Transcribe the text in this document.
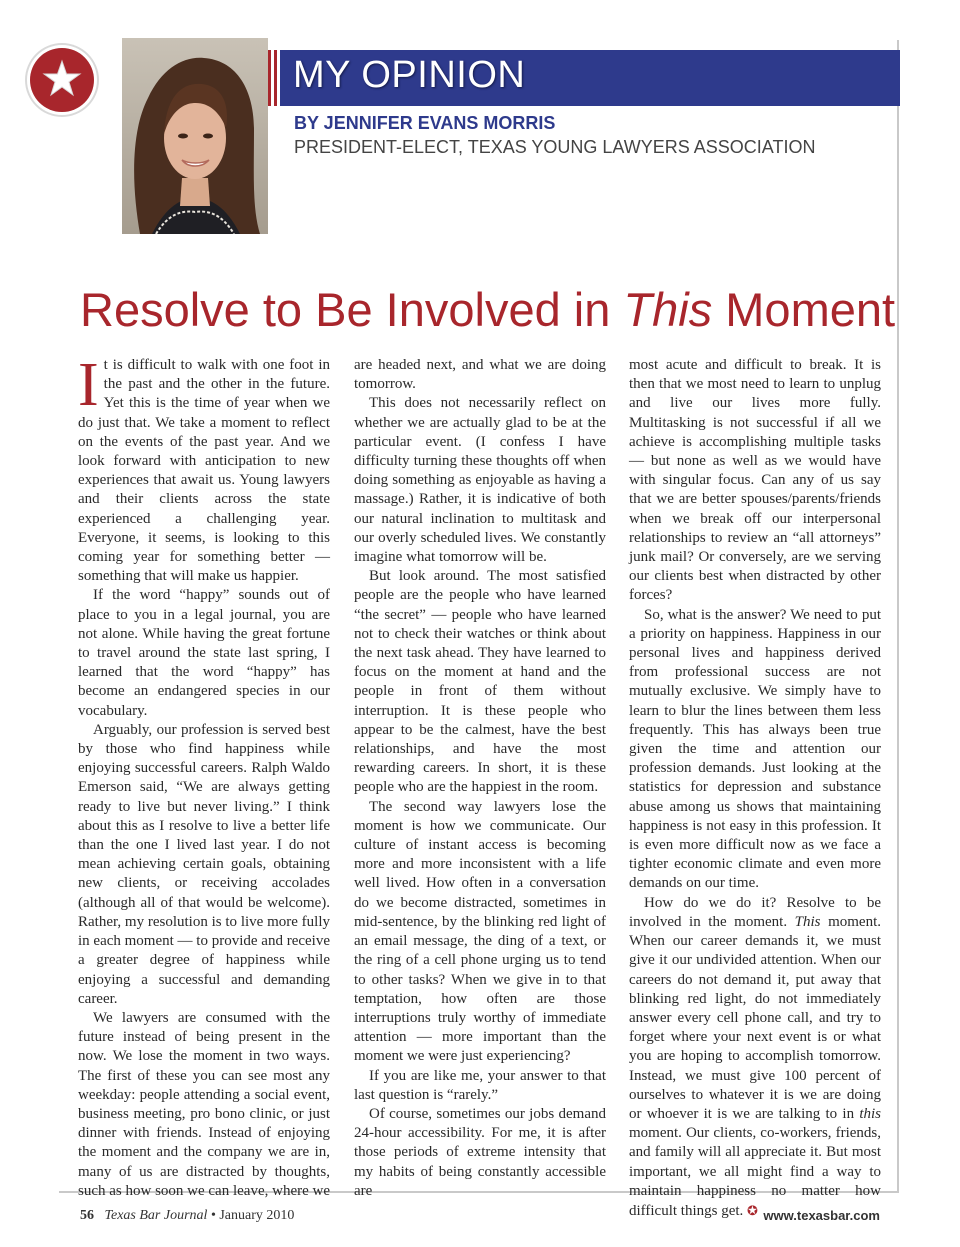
MY OPINION

BY JENNIFER EVANS MORRIS

PRESIDENT-ELECT, TEXAS YOUNG LAWYERS ASSOCIATION

Resolve to Be Involved in This Moment

It is difficult to walk with one foot in the past and the other in the future. Yet this is the time of year when we do just that. We take a moment to reflect on the events of the past year. And we look forward with anticipation to new experiences that await us. Young lawyers and their clients across the state experienced a challenging year. Everyone, it seems, is looking to this coming year for something better — something that will make us happier.

If the word “happy” sounds out of place to you in a legal journal, you are not alone. While having the great fortune to travel around the state last spring, I learned that the word “happy” has become an endangered species in our vocabulary.

Arguably, our profession is served best by those who find happiness while enjoying successful careers. Ralph Waldo Emerson said, “We are always getting ready to live but never living.” I think about this as I resolve to live a better life than the one I lived last year. I do not mean achieving certain goals, obtaining new clients, or receiving accolades (although all of that would be welcome). Rather, my resolution is to live more fully in each moment — to provide and receive a greater degree of happiness while enjoying a successful and demanding career.

We lawyers are consumed with the future instead of being present in the now. We lose the moment in two ways. The first of these you can see most any weekday: people attending a social event, business meeting, pro bono clinic, or just dinner with friends. Instead of enjoying the moment and the company we are in, many of us are distracted by thoughts, such as how soon we can leave, where we

are headed next, and what we are doing tomorrow.

This does not necessarily reflect on whether we are actually glad to be at the particular event. (I confess I have difficulty turning these thoughts off when doing something as enjoyable as having a massage.) Rather, it is indicative of both our natural inclination to multitask and our overly scheduled lives. We constantly imagine what tomorrow will be.

But look around. The most satisfied people are the people who have learned “the secret” — people who have learned not to check their watches or think about the next task ahead. They have learned to focus on the moment at hand and the people in front of them without interruption. It is these people who appear to be the calmest, have the best relationships, and have the most rewarding careers. In short, it is these people who are the happiest in the room.

The second way lawyers lose the moment is how we communicate. Our culture of instant access is becoming more and more inconsistent with a life well lived. How often in a conversation do we become distracted, sometimes in mid-sentence, by the blinking red light of an email message, the ding of a text, or the ring of a cell phone urging us to tend to other tasks? When we give in to that temptation, how often are those interruptions truly worthy of immediate attention — more important than the moment we were just experiencing?

If you are like me, your answer to that last question is “rarely.”

Of course, sometimes our jobs demand 24-hour accessibility. For me, it is after those periods of extreme intensity that my habits of being constantly accessible are

most acute and difficult to break. It is then that we most need to learn to unplug and live our lives more fully. Multitasking is not successful if all we achieve is accomplishing multiple tasks — but none as well as we would have with singular focus. Can any of us say that we are better spouses/parents/friends when we break off our interpersonal relationships to review an “all attorneys” junk mail? Or conversely, are we serving our clients best when distracted by other forces?

So, what is the answer? We need to put a priority on happiness. Happiness in our personal lives and happiness derived from professional success are not mutually exclusive. We simply have to learn to blur the lines between them less frequently. This has always been true given the time and attention our profession demands. Just looking at the statistics for depression and substance abuse among us shows that maintaining happiness is not easy in this profession. It is even more difficult now as we face a tighter economic climate and even more demands on our time.

How do we do it? Resolve to be involved in the moment. This moment. When our career demands it, we must give it our undivided attention. When our careers do not demand it, put away that blinking red light, do not immediately answer every cell phone call, and try to forget where your next event is or what you are hoping to accomplish tomorrow. Instead, we must give 100 percent of ourselves to whatever it is we are doing or whoever it is we are talking to in this moment. Our clients, co-workers, friends, and family will all appreciate it. But most important, we all might find a way to maintain happiness no matter how difficult things get. ✪

56 Texas Bar Journal • January 2010	www.texasbar.com
